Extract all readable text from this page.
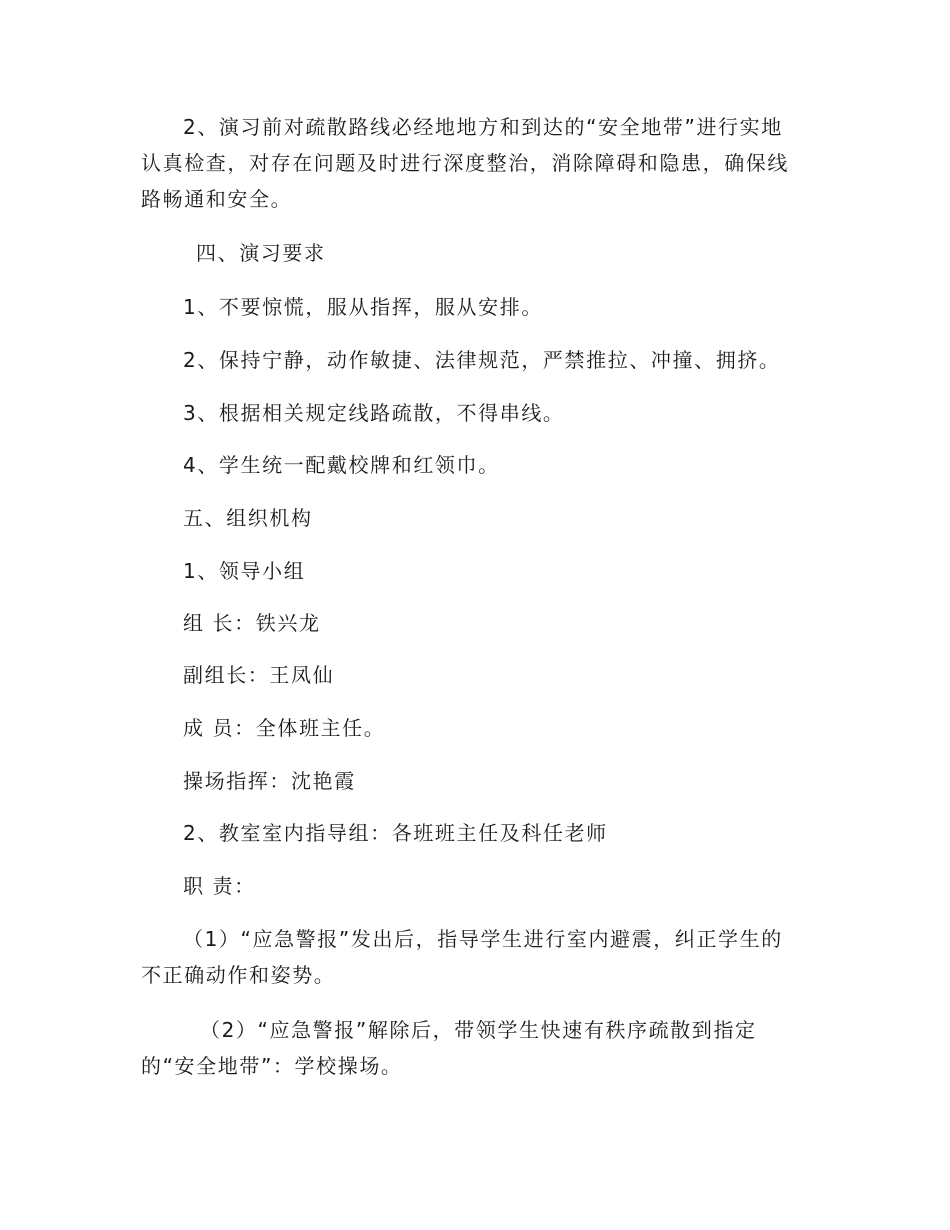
2、演习前对疏散路线必经地地方和到达的“安全地带”进行实地
认真检查，对存在问题及时进行深度整治，消除障碍和隐患，确保线
路畅通和安全。
四、演习要求
1、不要惊慌，服从指挥，服从安排。
2、保持宁静，动作敏捷、法律规范，严禁推拉、冲撞、拥挤。
3、根据相关规定线路疏散，不得串线。
4、学生统一配戴校牌和红领巾。
五、组织机构
1、领导小组
组 长：铁兴龙
副组长：王凤仙
成 员：全体班主任。
操场指挥：沈艳霞
2、教室室内指导组：各班班主任及科任老师
职 责：
（1）“应急警报”发出后，指导学生进行室内避震，纠正学生的
不正确动作和姿势。
（2）“应急警报”解除后，带领学生快速有秩序疏散到指定
的“安全地带”：学校操场。
